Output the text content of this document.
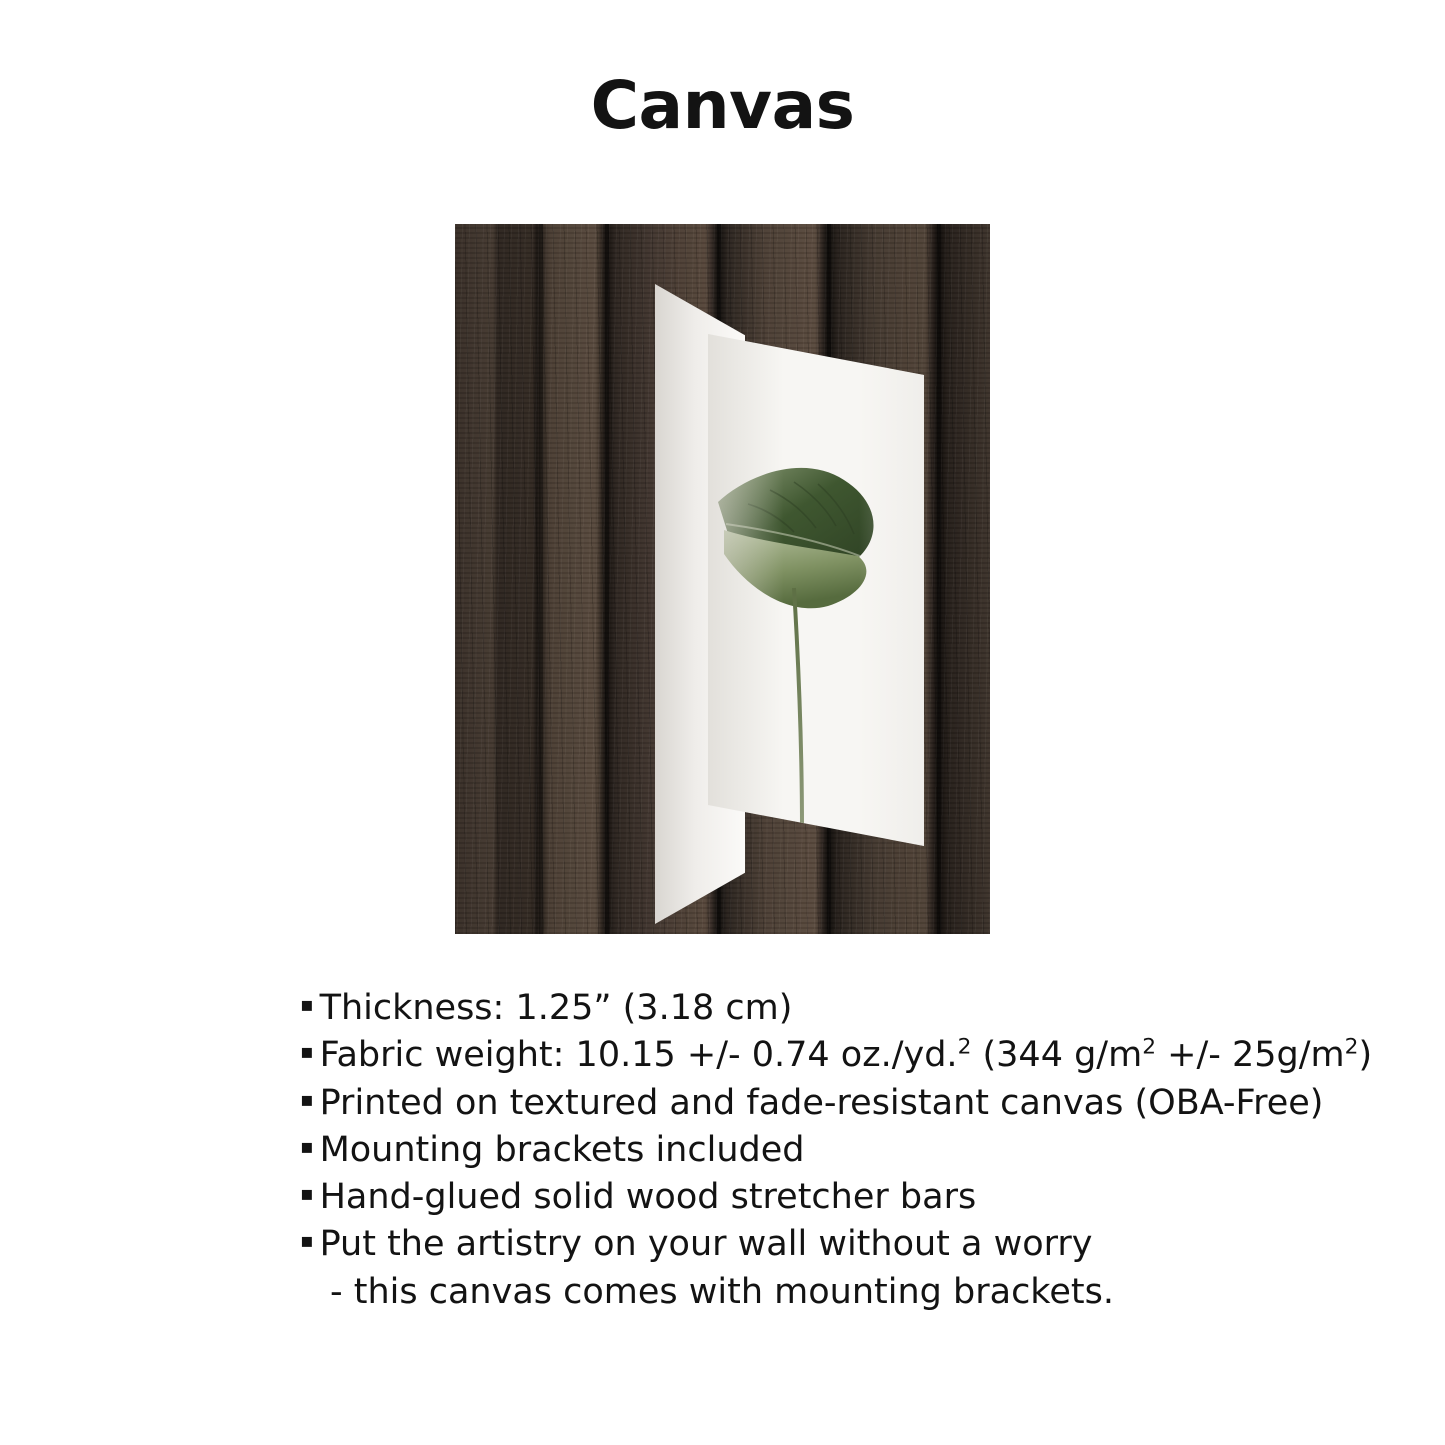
Canvas
▪ Thickness: 1.25” (3.18 cm)
▪ Fabric weight: 10.15 +/- 0.74 oz./yd.$^2$ (344 $g/m^2$ +/- $25g/m^2$)
▪ Printed on textured and fade-resistant canvas (OBA-Free)
▪ Mounting brackets included
▪ Hand-glued solid wood stretcher bars
▪ Put the artistry on your wall without a worry
- this canvas comes with mounting brackets.
